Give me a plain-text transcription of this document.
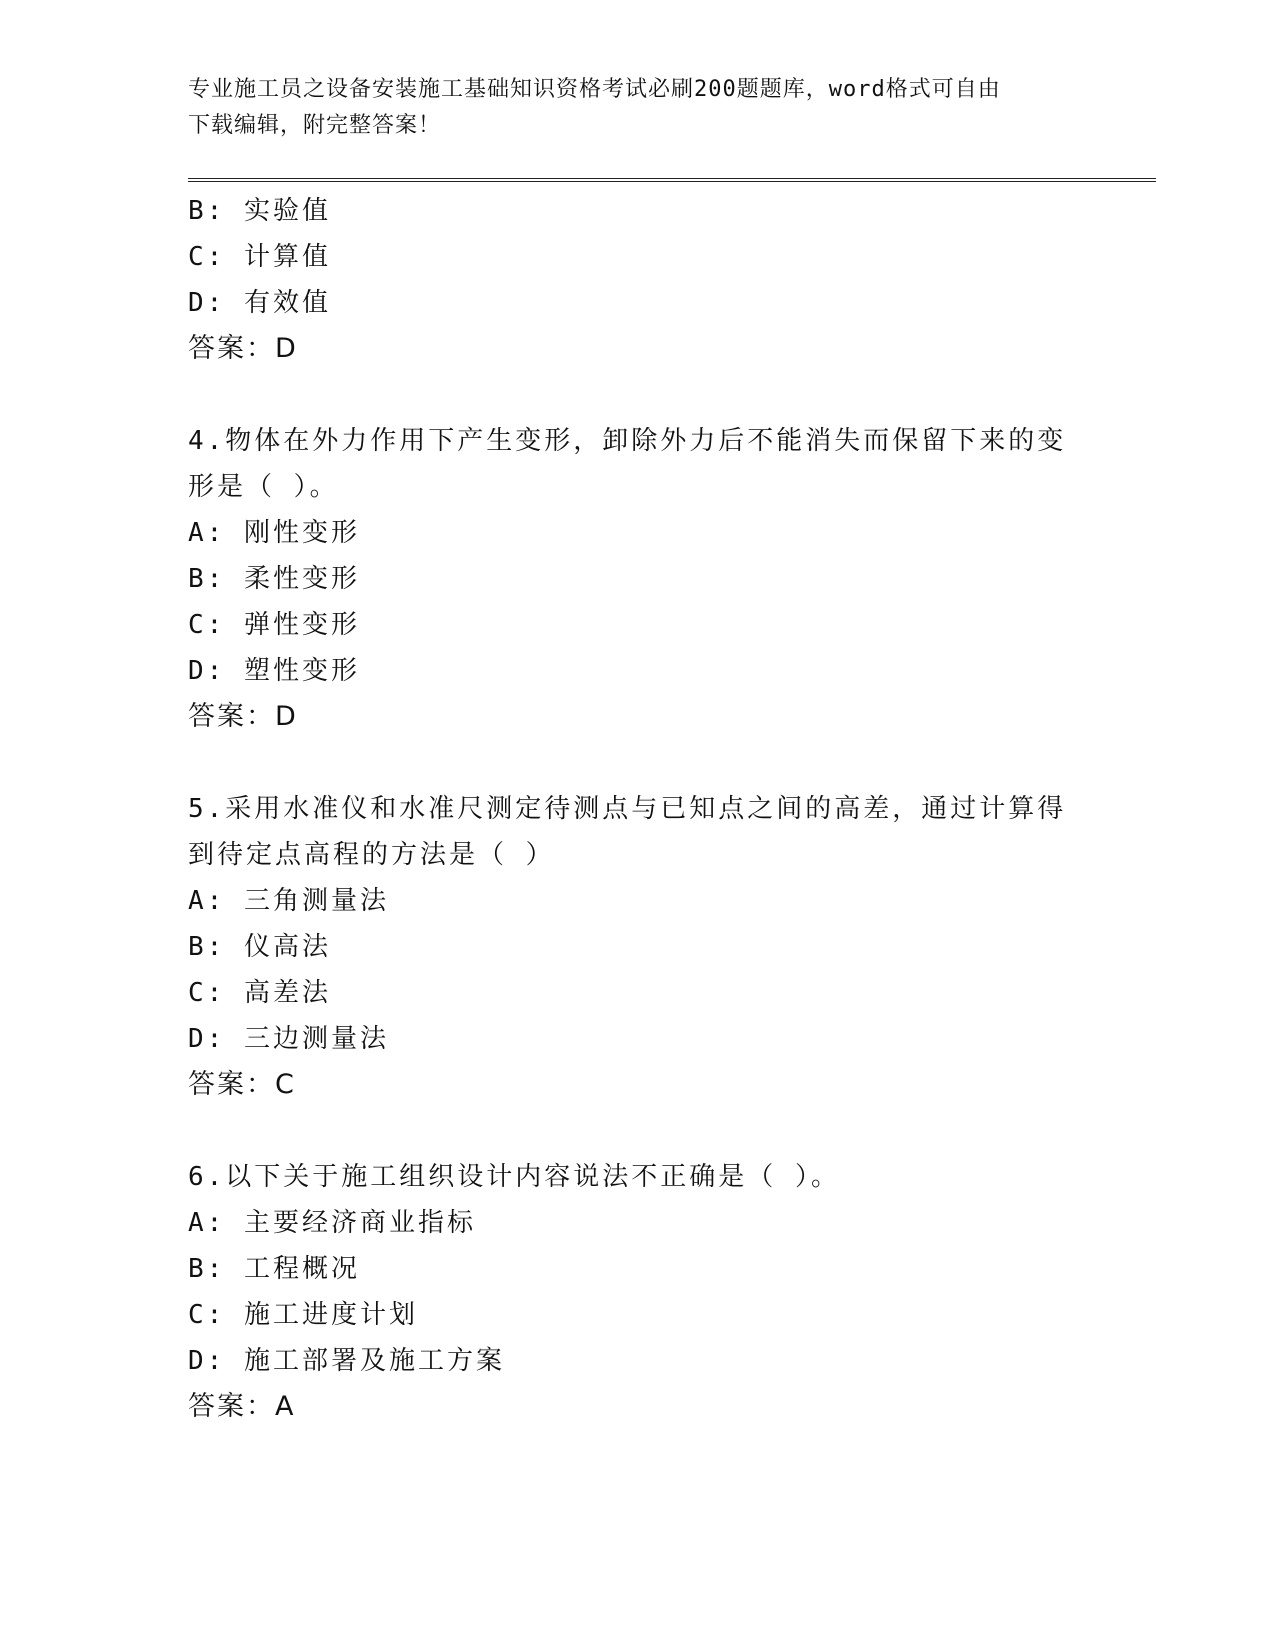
专业施工员之设备安装施工基础知识资格考试必刷200题题库，word格式可自由
下载编辑，附完整答案！
B: 实验值
C: 计算值
D: 有效值
答案：D
4.物体在外力作用下产生变形，卸除外力后不能消失而保留下来的变
形是（ ）。
A: 刚性变形
B: 柔性变形
C: 弹性变形
D: 塑性变形
答案：D
5.采用水准仪和水准尺测定待测点与已知点之间的高差，通过计算得
到待定点高程的方法是（ ）
A: 三角测量法
B: 仪高法
C: 高差法
D: 三边测量法
答案：C
6.以下关于施工组织设计内容说法不正确是（ ）。
A: 主要经济商业指标
B: 工程概况
C: 施工进度计划
D: 施工部署及施工方案
答案：A
